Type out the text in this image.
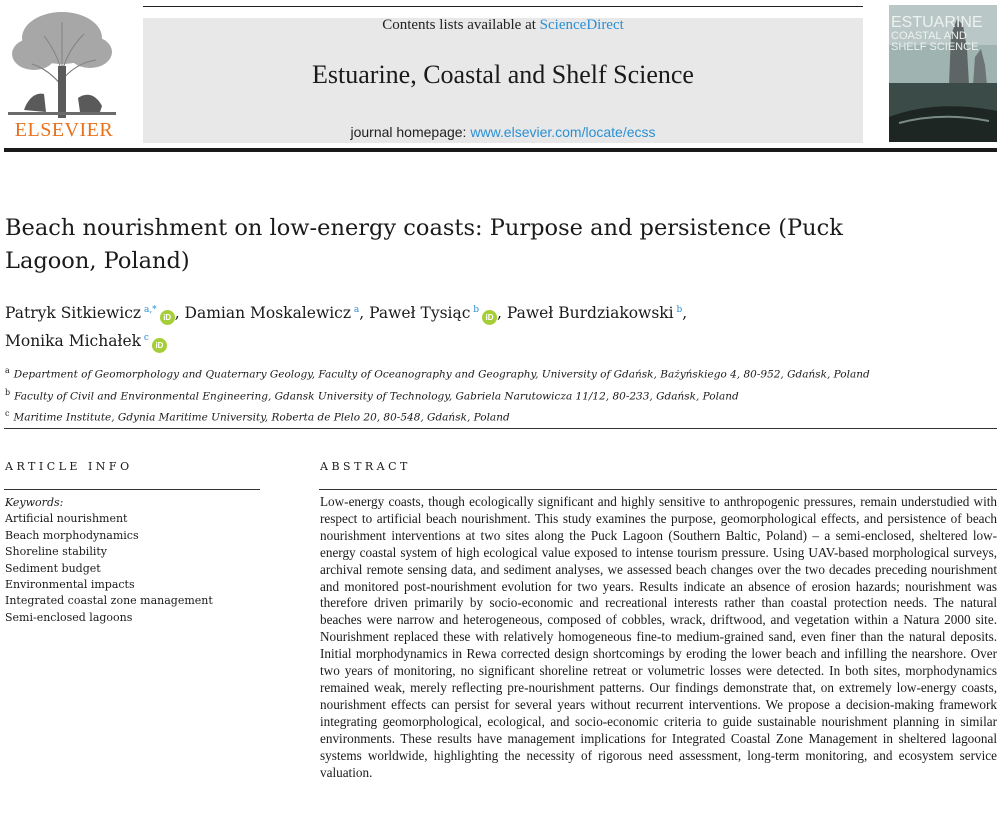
ELSEVIER
Contents lists available at ScienceDirect
Estuarine, Coastal and Shelf Science
journal homepage: www.elsevier.com/locate/ecss
ESTUARINE
COASTAL AND
SHELF SCIENCE
Beach nourishment on low-energy coasts: Purpose and persistence (Puck Lagoon, Poland)
Patryk Sitkiewicz $^{a,*}$iD , Damian Moskalewicz $^a$, Paweł Tysiąc $^b$iD , Paweł Burdziakowski $^b$,
Monika Michałek $^c$iD
$^a$ Department of Geomorphology and Quaternary Geology, Faculty of Oceanography and Geography, University of Gdańsk, Bażyńskiego 4, 80-952, Gdańsk, Poland
$^b$ Faculty of Civil and Environmental Engineering, Gdansk University of Technology, Gabriela Narutowicza 11/12, 80-233, Gdańsk, Poland
$^c$ Maritime Institute, Gdynia Maritime University, Roberta de Plelo 20, 80-548, Gdańsk, Poland
ARTICLE INFO
Keywords:
Artificial nourishment
Beach morphodynamics
Shoreline stability
Sediment budget
Environmental impacts
Integrated coastal zone management
Semi-enclosed lagoons
ABSTRACT
Low-energy coasts, though ecologically significant and highly sensitive to anthropogenic pressures, remain understudied with respect to artificial beach nourishment. This study examines the purpose, geomorphological effects, and persistence of beach nourishment interventions at two sites along the Puck Lagoon (Southern Baltic, Poland) – a semi-enclosed, sheltered low-energy coastal system of high ecological value exposed to intense tourism pressure. Using UAV-based morphological surveys, archival remote sensing data, and sediment analyses, we assessed beach changes over the two decades preceding nourishment and monitored post-nourishment evolution for two years. Results indicate an absence of erosion hazards; nourishment was therefore driven primarily by socio-economic and recreational interests rather than coastal protection needs. The natural beaches were narrow and heterogeneous, composed of cobbles, wrack, driftwood, and vegetation within a Natura 2000 site. Nourishment replaced these with relatively homogeneous fine-to medium-grained sand, even finer than the natural deposits. Initial morphodynamics in Rewa corrected design shortcomings by eroding the lower beach and infilling the nearshore. Over two years of monitoring, no significant shoreline retreat or volumetric losses were detected. In both sites, morphodynamics remained weak, merely reflecting pre-nourishment patterns. Our findings demonstrate that, on extremely low-energy coasts, nourishment effects can persist for several years without recurrent interventions. We propose a decision-making framework integrating geomorphological, ecological, and socio-economic criteria to guide sustainable nourishment planning in similar environments. These results have management implications for Integrated Coastal Zone Management in sheltered lagoonal systems worldwide, highlighting the necessity of rigorous need assessment, long-term monitoring, and ecosystem service valuation.
